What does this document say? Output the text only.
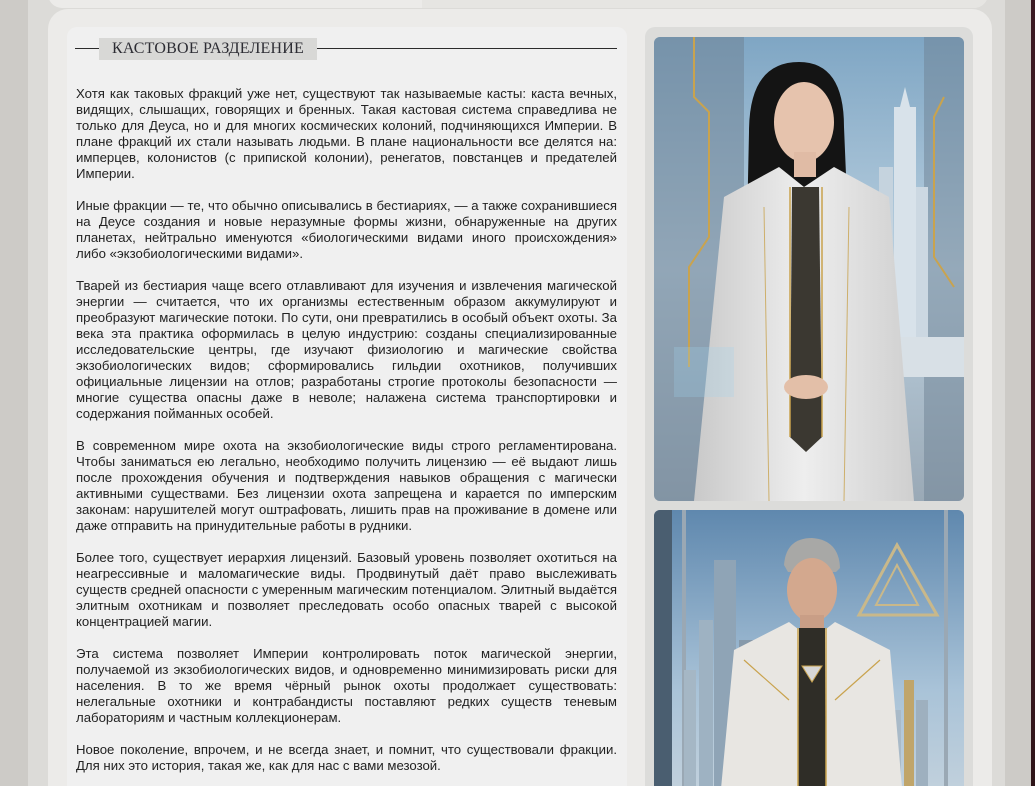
КАСТОВОЕ РАЗДЕЛЕНИЕ

Хотя как таковых фракций уже нет, существуют так называемые касты: каста вечных, видящих, слышащих, говорящих и бренных. Такая кастовая система справедлива не только для Деуса, но и для многих космических колоний, подчиняющихся Империи. В плане фракций их стали называть людьми. В плане национальности все делятся на: имперцев, колонистов (с припиской колонии), ренегатов, повстанцев и предателей Империи.

Иные фракции — те, что обычно описывались в бестиариях, — а также сохранившиеся на Деусе создания и новые неразумные формы жизни, обнаруженные на других планетах, нейтрально именуются «биологическими видами иного происхождения» либо «экзобиологическими видами».

Тварей из бестиария чаще всего отлавливают для изучения и извлечения магической энергии — считается, что их организмы естественным образом аккумулируют и преобразуют магические потоки. По сути, они превратились в особый объект охоты. За века эта практика оформилась в целую индустрию: созданы специализированные исследовательские центры, где изучают физиологию и магические свойства экзобиологических видов; сформировались гильдии охотников, получивших официальные лицензии на отлов; разработаны строгие протоколы безопасности — многие существа опасны даже в неволе; налажена система транспортировки и содержания пойманных особей.

В современном мире охота на экзобиологические виды строго регламентирована. Чтобы заниматься ею легально, необходимо получить лицензию — её выдают лишь после прохождения обучения и подтверждения навыков обращения с магически активными существами. Без лицензии охота запрещена и карается по имперским законам: нарушителей могут оштрафовать, лишить прав на проживание в домене или даже отправить на принудительные работы в рудники.

Более того, существует иерархия лицензий. Базовый уровень позволяет охотиться на неагрессивные и маломагические виды. Продвинутый даёт право выслеживать существ средней опасности с умеренным магическим потенциалом. Элитный выдаётся элитным охотникам и позволяет преследовать особо опасных тварей с высокой концентрацией магии.

Эта система позволяет Империи контролировать поток магической энергии, получаемой из экзобиологических видов, и одновременно минимизировать риски для населения. В то же время чёрный рынок охоты продолжает существовать: нелегальные охотники и контрабандисты поставляют редких существ теневым лабораториям и частным коллекционерам.

Новое поколение, впрочем, и не всегда знает, и помнит, что существовали фракции. Для них это история, такая же, как для нас с вами мезозой.
